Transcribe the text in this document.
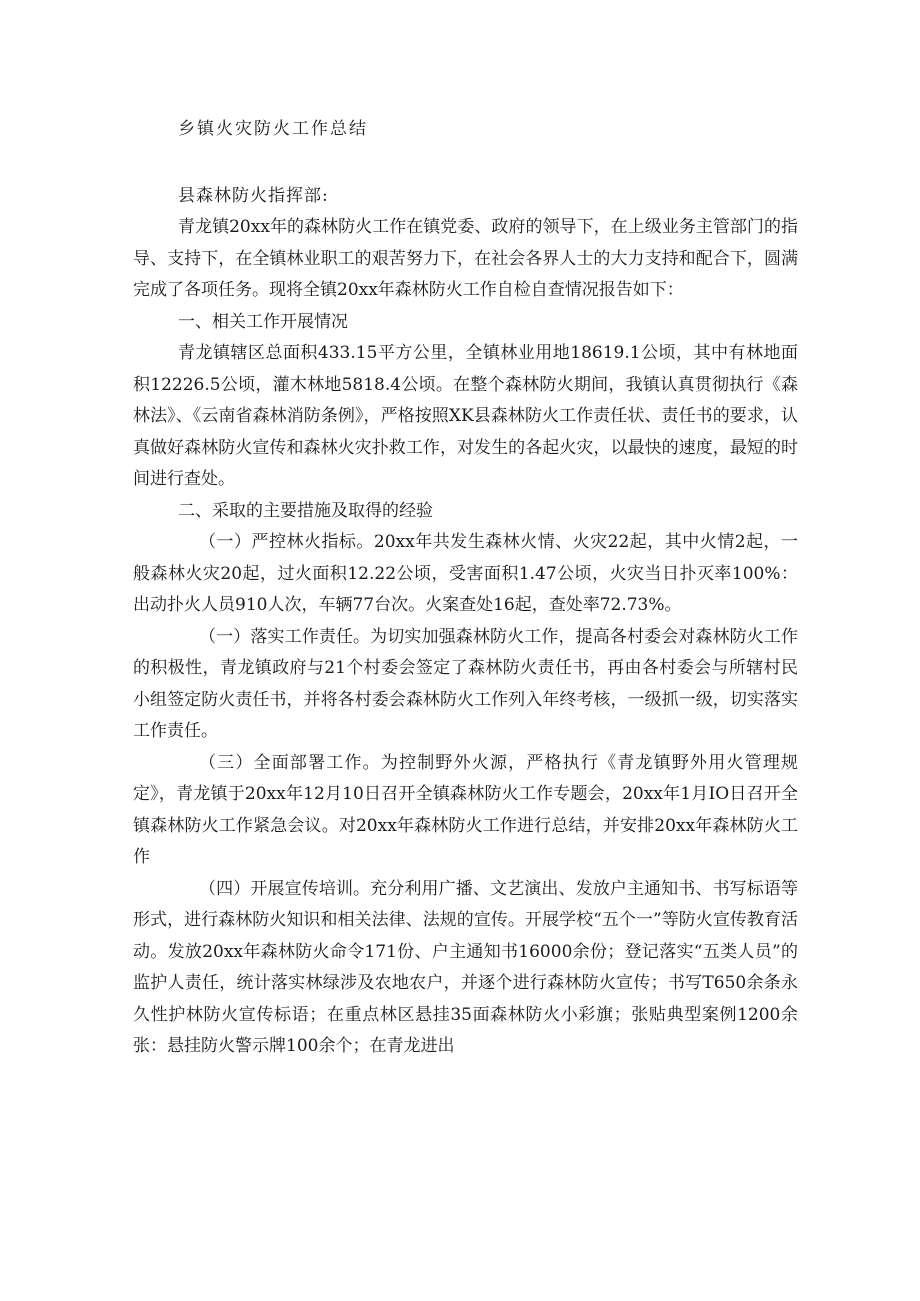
乡镇火灾防火工作总结
县森林防火指挥部:

青龙镇20xx年的森林防火工作在镇党委、政府的领导下，在上级业务主管部门的指导、支持下，在全镇林业职工的艰苦努力下，在社会各界人士的大力支持和配合下，圆满完成了各项任务。现将全镇20xx年森林防火工作自检自查情况报告如下：

一、相关工作开展情况

青龙镇辖区总面积433.15平方公里，全镇林业用地18619.1公顷，其中有林地面积12226.5公顷，灌木林地5818.4公顷。在整个森林防火期间，我镇认真贯彻执行《森林法》、《云南省森林消防条例》，严格按照XK县森林防火工作责任状、责任书的要求，认真做好森林防火宣传和森林火灾扑救工作，对发生的各起火灾，以最快的速度，最短的时间进行查处。

二、采取的主要措施及取得的经验

（一）严控林火指标。20xx年共发生森林火情、火灾22起，其中火情2起，一般森林火灾20起，过火面积12.22公顷，受害面积1.47公顷，火灾当日扑灭率100%：出动扑火人员910人次，车辆77台次。火案查处16起，查处率72.73%。

（一）落实工作责任。为切实加强森林防火工作，提高各村委会对森林防火工作的积极性，青龙镇政府与21个村委会签定了森林防火责任书，再由各村委会与所辖村民小组签定防火责任书，并将各村委会森林防火工作列入年终考核，一级抓一级，切实落实工作责任。

（三）全面部署工作。为控制野外火源，严格执行《青龙镇野外用火管理规定》，青龙镇于20xx年12月10日召开全镇森林防火工作专题会，20xx年1月IO日召开全镇森林防火工作紧急会议。对20xx年森林防火工作进行总结，并安排20xx年森林防火工作

（四）开展宣传培训。充分利用广播、文艺演出、发放户主通知书、书写标语等形式，进行森林防火知识和相关法律、法规的宣传。开展学校“五个一”等防火宣传教育活动。发放20xx年森林防火命令171份、户主通知书16000余份；登记落实“五类人员”的监护人责任，统计落实林绿涉及农地农户，并逐个进行森林防火宣传；书写T650余条永久性护林防火宣传标语；在重点林区悬挂35面森林防火小彩旗；张贴典型案例1200余张：悬挂防火警示牌100余个；在青龙进出
